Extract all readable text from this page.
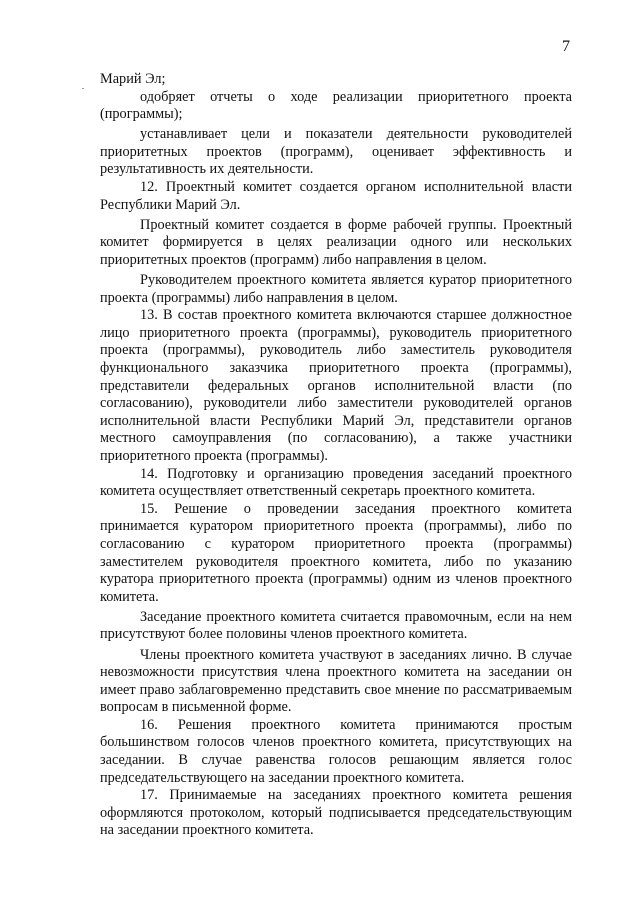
7

Марий Эл;

одобряет отчеты о ходе реализации приоритетного проекта (программы);

устанавливает цели и показатели деятельности руководителей приоритетных проектов (программ), оценивает эффективность и результативность их деятельности.

12. Проектный комитет создается органом исполнительной власти Республики Марий Эл.

Проектный комитет создается в форме рабочей группы. Проектный комитет формируется в целях реализации одного или нескольких приоритетных проектов (программ) либо направления в целом.

Руководителем проектного комитета является куратор приоритетного проекта (программы) либо направления в целом.

13. В состав проектного комитета включаются старшее должностное лицо приоритетного проекта (программы), руководитель приоритетного проекта (программы), руководитель либо заместитель руководителя функционального заказчика приоритетного проекта (программы), представители федеральных органов исполнительной власти (по согласованию), руководители либо заместители руководителей органов исполнительной власти Республики Марий Эл, представители органов местного самоуправления (по согласованию), а также участники приоритетного проекта (программы).

14. Подготовку и организацию проведения заседаний проектного комитета осуществляет ответственный секретарь проектного комитета.

15. Решение о проведении заседания проектного комитета принимается куратором приоритетного проекта (программы), либо по согласованию с куратором приоритетного проекта (программы) заместителем руководителя проектного комитета, либо по указанию куратора приоритетного проекта (программы) одним из членов проектного комитета.

Заседание проектного комитета считается правомочным, если на нем присутствуют более половины членов проектного комитета.

Члены проектного комитета участвуют в заседаниях лично. В случае невозможности присутствия члена проектного комитета на заседании он имеет право заблаговременно представить свое мнение по рассматриваемым вопросам в письменной форме.

16. Решения проектного комитета принимаются простым большинством голосов членов проектного комитета, присутствующих на заседании. В случае равенства голосов решающим является голос председательствующего на заседании проектного комитета.

17. Принимаемые на заседаниях проектного комитета решения оформляются протоколом, который подписывается председательствующим на заседании проектного комитета.
